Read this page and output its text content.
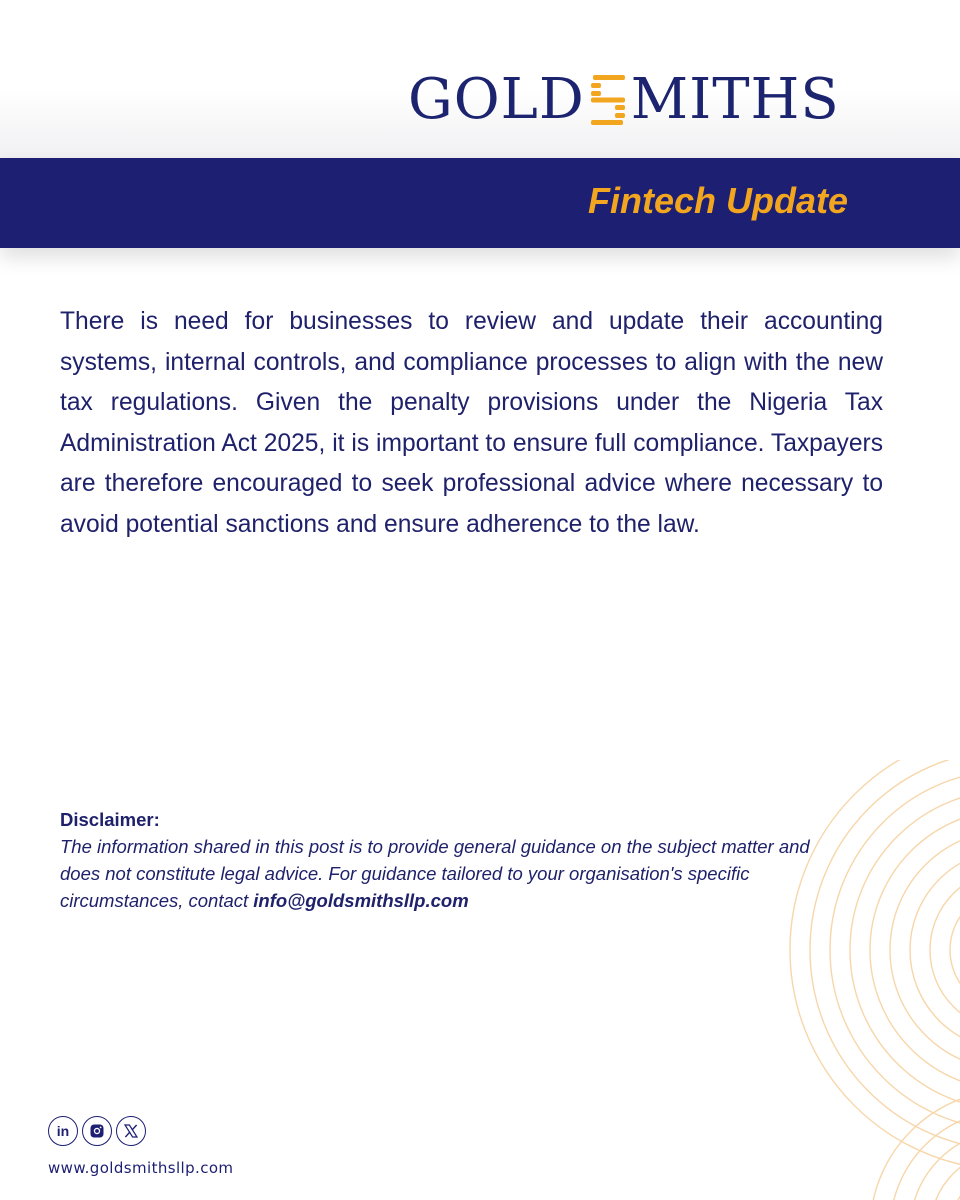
GOLD MITHS
Fintech Update
There is need for businesses to review and update their accounting systems, internal controls, and compliance processes to align with the new tax regulations. Given the penalty provisions under the Nigeria Tax Administration Act 2025, it is important to ensure full compliance. Taxpayers are therefore encouraged to seek professional advice where necessary to avoid potential sanctions and ensure adherence to the law.
Disclaimer:
The information shared in this post is to provide general guidance on the subject matter and does not constitute legal advice. For guidance tailored to your organisation's specific circumstances, contact info@goldsmithsllp.com
in
www.goldsmithsllp.com
